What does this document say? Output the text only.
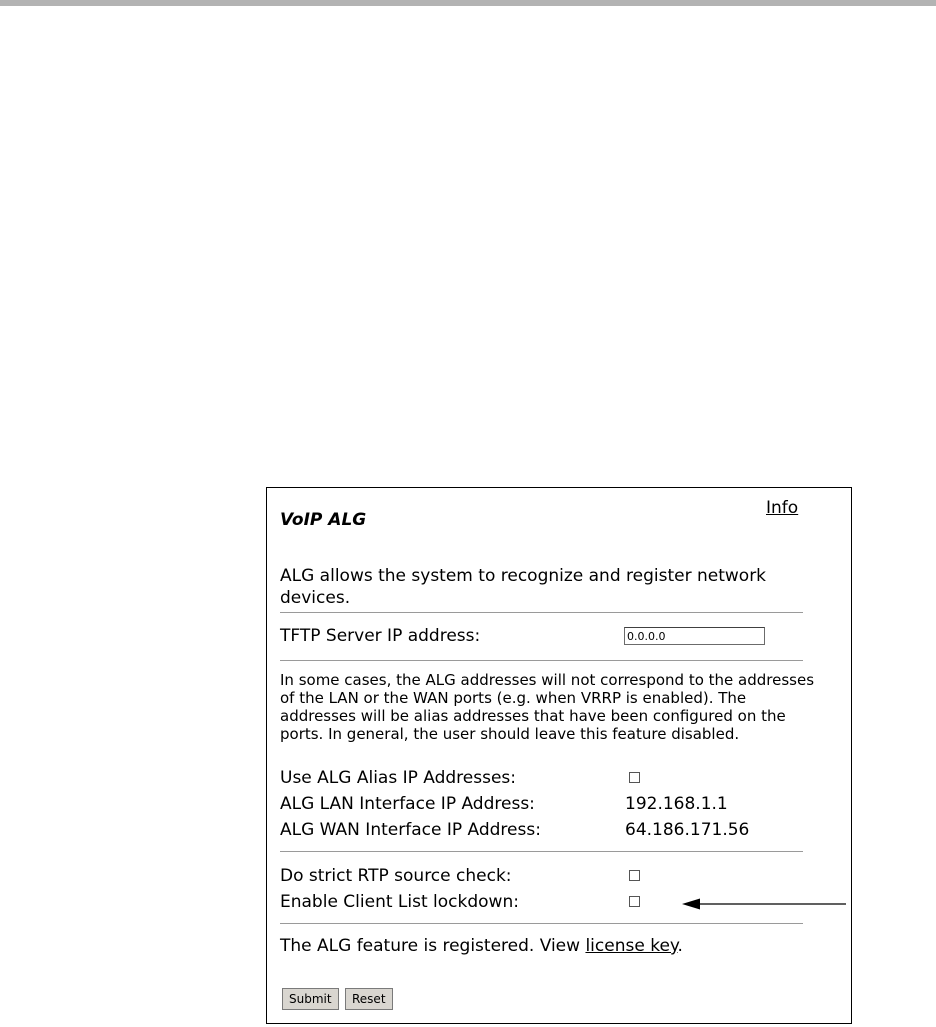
Info
VoIP ALG
ALG allows the system to recognize and register network devices.
TFTP Server IP address:
0.0.0.0
In some cases, the ALG addresses will not correspond to the addresses of the LAN or the WAN ports (e.g. when VRRP is enabled). The addresses will be alias addresses that have been configured on the ports. In general, the user should leave this feature disabled.
Use ALG Alias IP Addresses:
ALG LAN Interface IP Address:	192.168.1.1
ALG WAN Interface IP Address:	64.186.171.56
Do strict RTP source check:
Enable Client List lockdown:
The ALG feature is registered. View license key.
Submit	Reset
